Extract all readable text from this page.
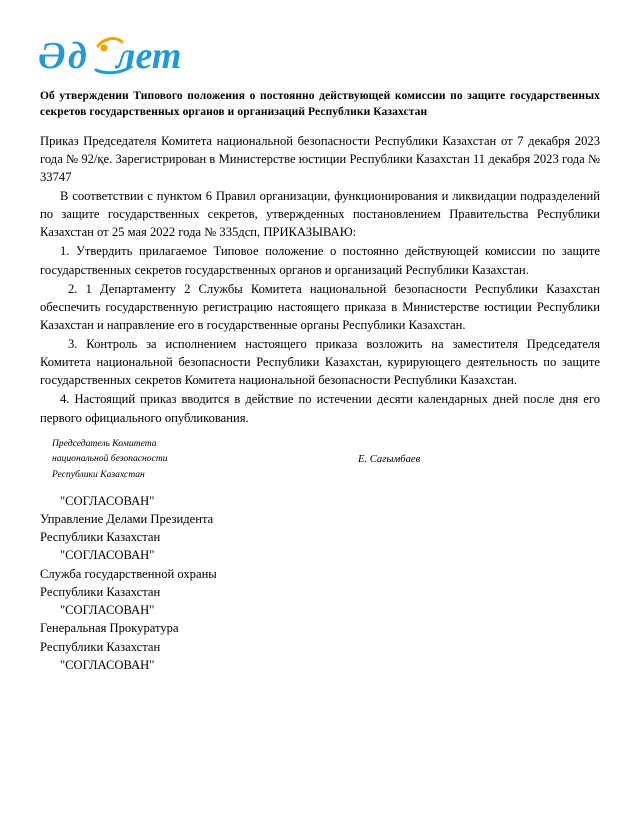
Ә д лет
Об утверждении Типового положения о постоянно действующей комиссии по защите государственных секретов государственных органов и организаций Республики Казахстан

Приказ Председателя Комитета национальной безопасности Республики Казахстан от 7 декабря 2023 года № 92/қе. Зарегистрирован в Министерстве юстиции Республики Казахстан 11 декабря 2023 года № 33747

В соответствии с пунктом 6 Правил организации, функционирования и ликвидации подразделений по защите государственных секретов, утвержденных постановлением Правительства Республики Казахстан от 25 мая 2022 года № 335дсп, ПРИКАЗЫВАЮ:

1. Утвердить прилагаемое Типовое положение о постоянно действующей комиссии по защите государственных секретов государственных органов и организаций Республики Казахстан.

2. 1 Департаменту 2 Службы Комитета национальной безопасности Республики Казахстан обеспечить государственную регистрацию настоящего приказа в Министерстве юстиции Республики Казахстан и направление его в государственные органы Республики Казахстан.

3. Контроль за исполнением настоящего приказа возложить на заместителя Председателя Комитета национальной безопасности Республики Казахстан, курирующего деятельность по защите государственных секретов Комитета национальной безопасности Республики Казахстан.

4. Настоящий приказ вводится в действие по истечении десяти календарных дней после дня его первого официального опубликования.

Председатель Комитета
национальной безопасности
Республики Казахстан
Е. Сағымбаев
"СОГЛАСОВАН"
Управление Делами Президента
Республики Казахстан
"СОГЛАСОВАН"
Служба государственной охраны
Республики Казахстан
"СОГЛАСОВАН"
Генеральная Прокуратура
Республики Казахстан
"СОГЛАСОВАН"
